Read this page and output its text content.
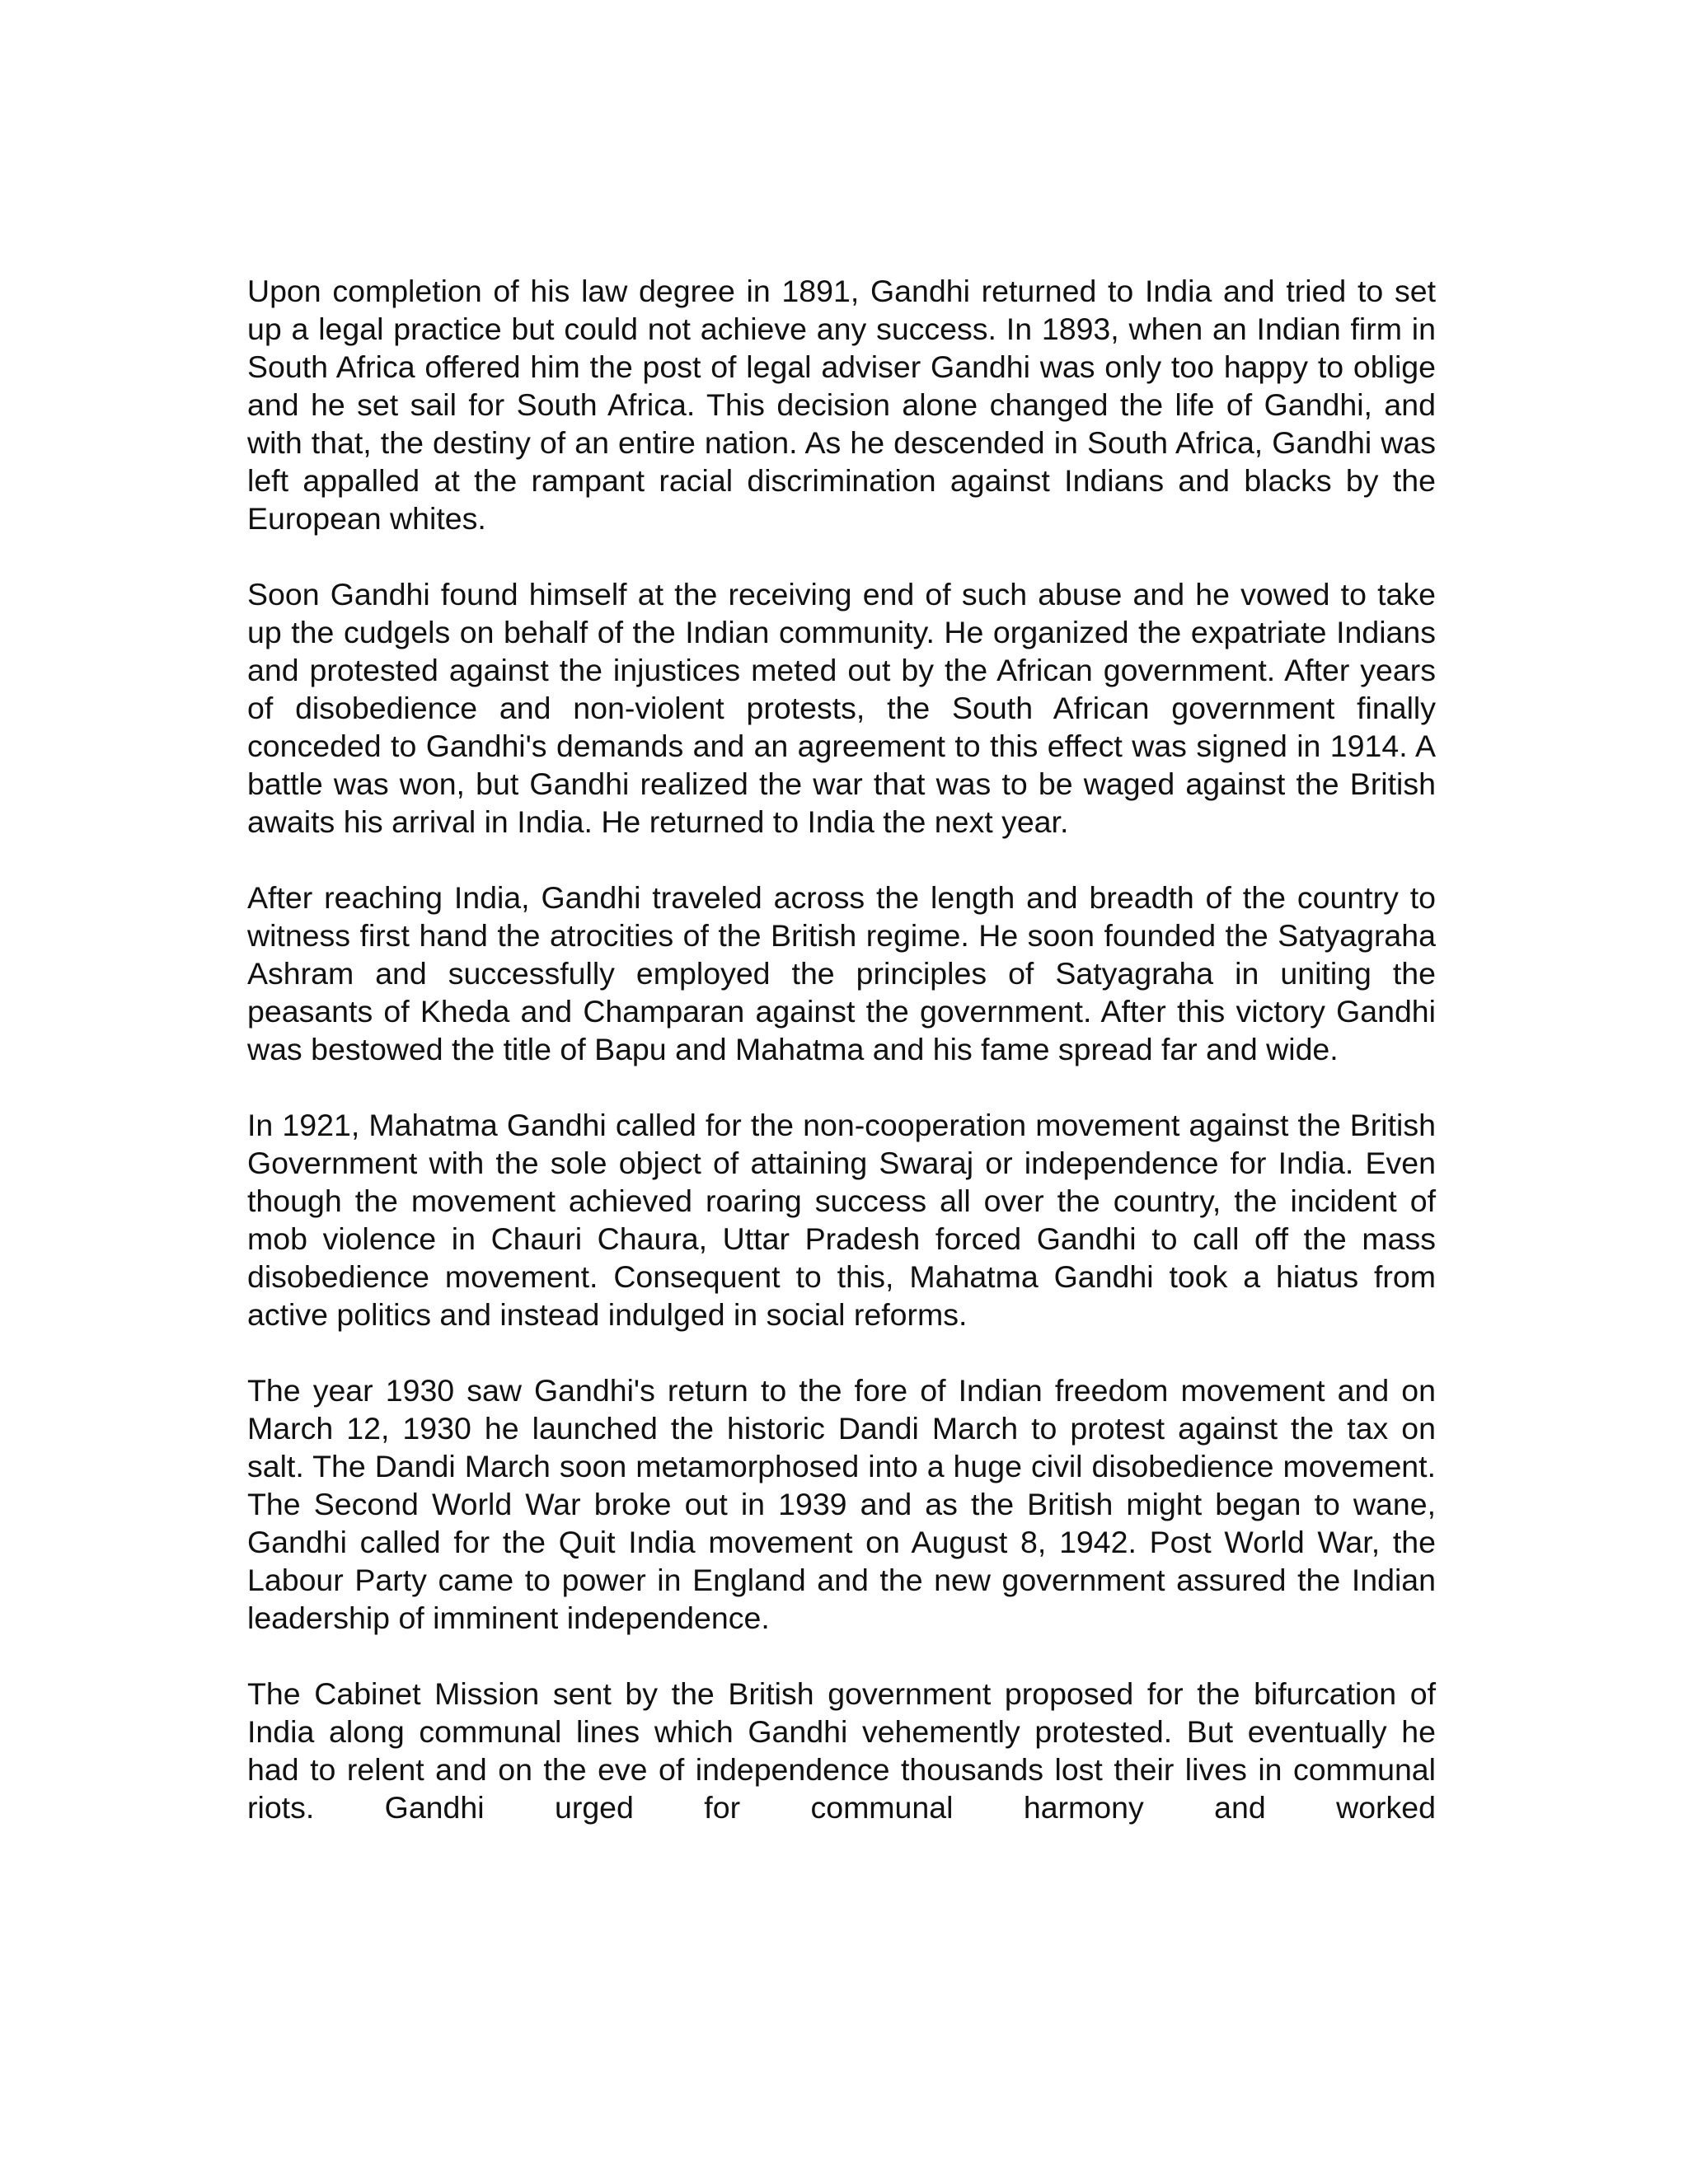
Upon completion of his law degree in 1891, Gandhi returned to India and tried to set up a legal practice but could not achieve any success. In 1893, when an Indian firm in South Africa offered him the post of legal adviser Gandhi was only too happy to oblige and he set sail for South Africa. This decision alone changed the life of Gandhi, and with that, the destiny of an entire nation. As he descended in South Africa, Gandhi was left appalled at the rampant racial discrimination against Indians and blacks by the European whites.

Soon Gandhi found himself at the receiving end of such abuse and he vowed to take up the cudgels on behalf of the Indian community. He organized the expatriate Indians and protested against the injustices meted out by the African government. After years of disobedience and non-violent protests, the South African government finally conceded to Gandhi's demands and an agreement to this effect was signed in 1914. A battle was won, but Gandhi realized the war that was to be waged against the British awaits his arrival in India. He returned to India the next year.

After reaching India, Gandhi traveled across the length and breadth of the country to witness first hand the atrocities of the British regime. He soon founded the Satyagraha Ashram and successfully employed the principles of Satyagraha in uniting the peasants of Kheda and Champaran against the government. After this victory Gandhi was bestowed the title of Bapu and Mahatma and his fame spread far and wide.

In 1921, Mahatma Gandhi called for the non-cooperation movement against the British Government with the sole object of attaining Swaraj or independence for India. Even though the movement achieved roaring success all over the country, the incident of mob violence in Chauri Chaura, Uttar Pradesh forced Gandhi to call off the mass disobedience movement. Consequent to this, Mahatma Gandhi took a hiatus from active politics and instead indulged in social reforms.

The year 1930 saw Gandhi's return to the fore of Indian freedom movement and on March 12, 1930 he launched the historic Dandi March to protest against the tax on salt. The Dandi March soon metamorphosed into a huge civil disobedience movement. The Second World War broke out in 1939 and as the British might began to wane, Gandhi called for the Quit India movement on August 8, 1942. Post World War, the Labour Party came to power in England and the new government assured the Indian leadership of imminent independence.

The Cabinet Mission sent by the British government proposed for the bifurcation of India along communal lines which Gandhi vehemently protested. But eventually he had to relent and on the eve of independence thousands lost their lives in communal riots. Gandhi urged for communal harmony and worked
